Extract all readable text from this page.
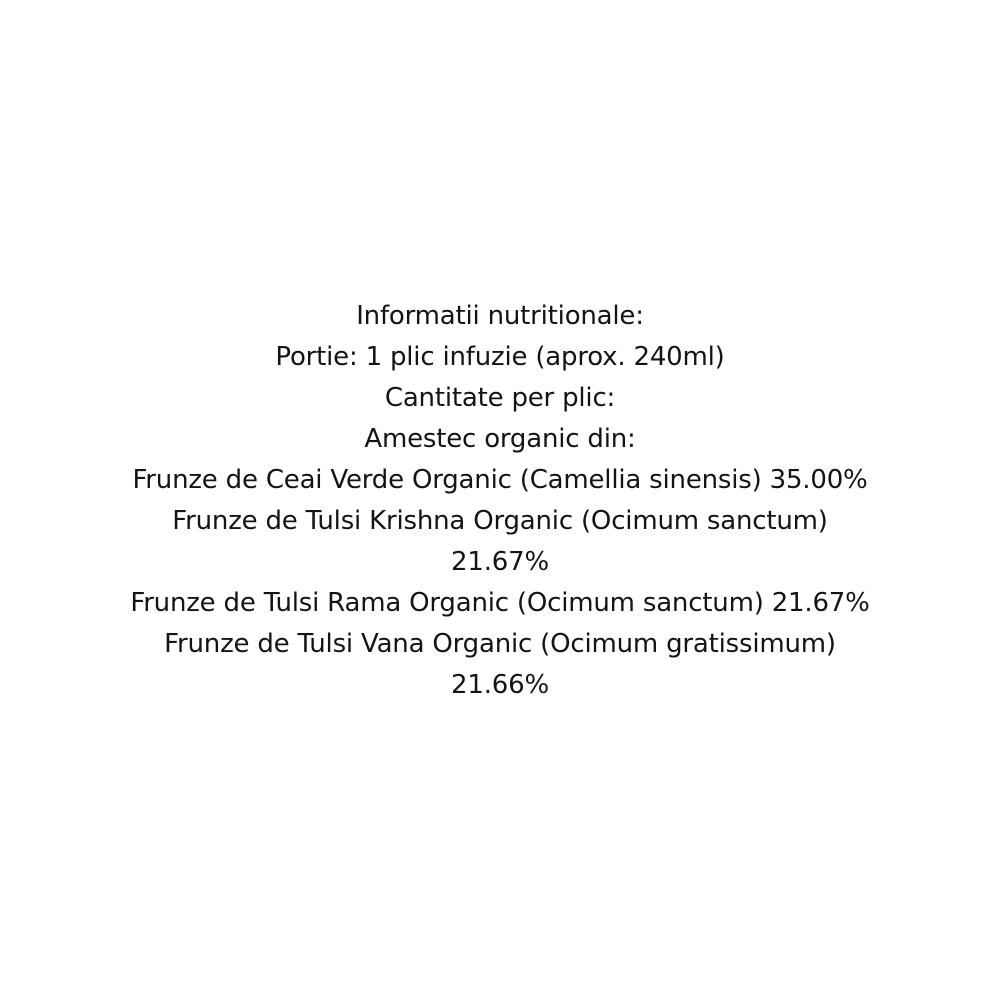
Informatii nutritionale:
Portie: 1 plic infuzie (aprox. 240ml)
Cantitate per plic:
Amestec organic din:
Frunze de Ceai Verde Organic (Camellia sinensis) 35.00%
Frunze de Tulsi Krishna Organic (Ocimum sanctum)
21.67%
Frunze de Tulsi Rama Organic (Ocimum sanctum) 21.67%
Frunze de Tulsi Vana Organic (Ocimum gratissimum)
21.66%
